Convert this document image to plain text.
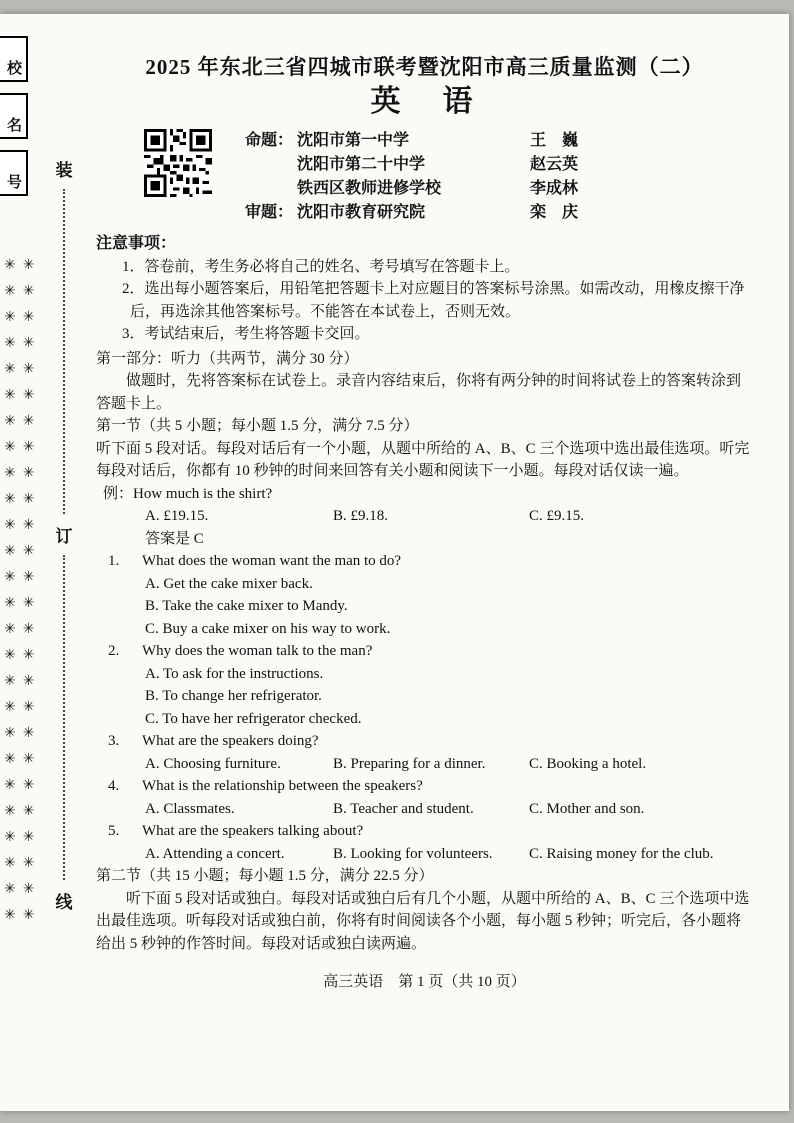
校
名
号
✳✳
✳✳
✳✳
✳✳
✳✳
✳✳
✳✳
✳✳
✳✳
✳✳
✳✳
✳✳
✳✳
✳✳
✳✳
✳✳
✳✳
✳✳
✳✳
✳✳
✳✳
✳✳
✳✳
✳✳
✳✳
✳✳
装
订
线
2025 年东北三省四城市联考暨沈阳市高三质量监测（二）
英　语
命题： 沈阳市第一中学	王　巍
沈阳市第二十中学	赵云英
铁西区教师进修学校	李成林
审题： 沈阳市教育研究院	栾　庆
注意事项：
1．答卷前，考生务必将自己的姓名、考号填写在答题卡上。
2．选出每小题答案后，用铅笔把答题卡上对应题目的答案标号涂黑。如需改动，用橡皮擦干净后，再选涂其他答案标号。不能答在本试卷上，否则无效。
3．考试结束后，考生将答题卡交回。
第一部分：听力（共两节，满分 30 分）
做题时，先将答案标在试卷上。录音内容结束后，你将有两分钟的时间将试卷上的答案转涂到答题卡上。
第一节（共 5 小题；每小题 1.5 分，满分 7.5 分）
听下面 5 段对话。每段对话后有一个小题，从题中所给的 A、B、C 三个选项中选出最佳选项。听完每段对话后，你都有 10 秒钟的时间来回答有关小题和阅读下一小题。每段对话仅读一遍。
例：How much is the shirt?
A. £19.15.	B. £9.18.	C. £9.15.
答案是 C
1.	What does the woman want the man to do?
A. Get the cake mixer back.
B. Take the cake mixer to Mandy.
C. Buy a cake mixer on his way to work.
2.	Why does the woman talk to the man?
A. To ask for the instructions.
B. To change her refrigerator.
C. To have her refrigerator checked.
3.	What are the speakers doing?
A. Choosing furniture.	B. Preparing for a dinner.	C. Booking a hotel.
4.	What is the relationship between the speakers?
A. Classmates.	B. Teacher and student.	C. Mother and son.
5.	What are the speakers talking about?
A. Attending a concert.	B. Looking for volunteers.	C. Raising money for the club.
第二节（共 15 小题；每小题 1.5 分，满分 22.5 分）
听下面 5 段对话或独白。每段对话或独白后有几个小题，从题中所给的 A、B、C 三个选项中选出最佳选项。听每段对话或独白前，你将有时间阅读各个小题，每小题 5 秒钟；听完后，各小题将给出 5 秒钟的作答时间。每段对话或独白读两遍。
高三英语　第 1 页（共 10 页）
